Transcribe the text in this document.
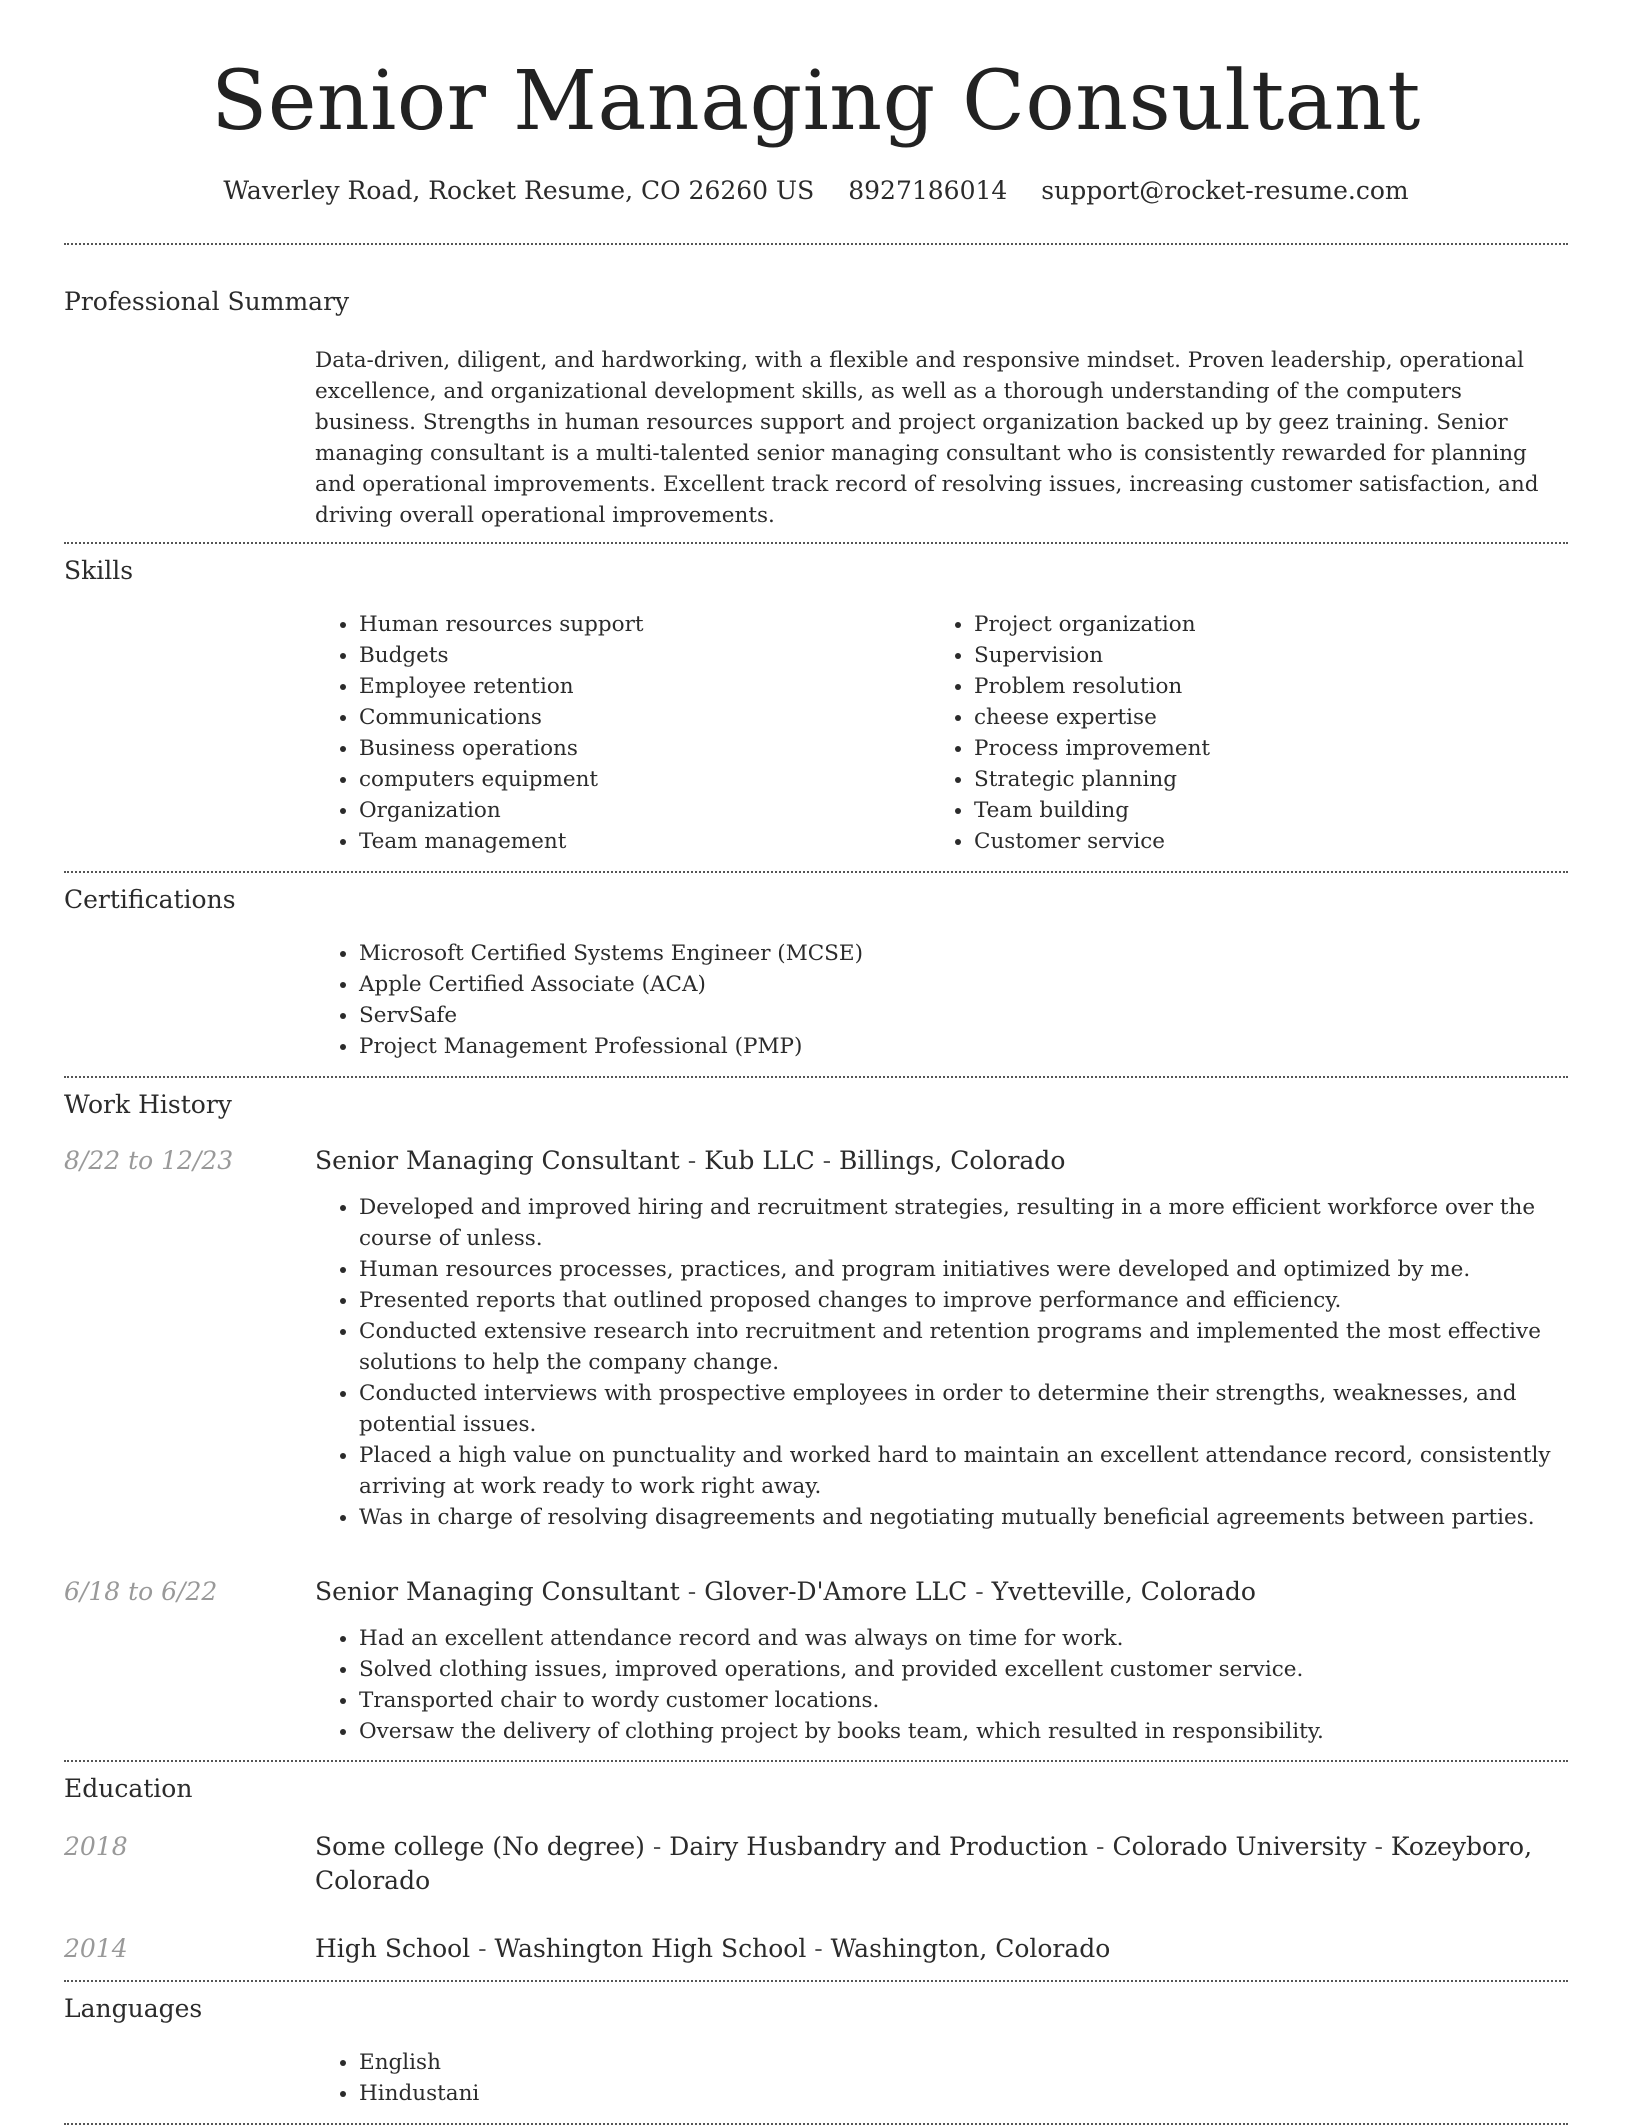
Senior Managing Consultant
Waverley Road, Rocket Resume, CO 26260 US 8927186014 support@rocket-resume.com
Professional Summary
Data-driven, diligent, and hardworking, with a flexible and responsive mindset. Proven leadership, operational excellence, and organizational development skills, as well as a thorough understanding of the computers business. Strengths in human resources support and project organization backed up by geez training. Senior managing consultant is a multi-talented senior managing consultant who is consistently rewarded for planning and operational improvements. Excellent track record of resolving issues, increasing customer satisfaction, and driving overall operational improvements.
Skills
• Human resources support
• Budgets
• Employee retention
• Communications
• Business operations
• computers equipment
• Organization
• Team management
• Project organization
• Supervision
• Problem resolution
• cheese expertise
• Process improvement
• Strategic planning
• Team building
• Customer service
Certifications
• Microsoft Certified Systems Engineer (MCSE)
• Apple Certified Associate (ACA)
• ServSafe
• Project Management Professional (PMP)
Work History
8/22 to 12/23	Senior Managing Consultant - Kub LLC - Billings, Colorado
• Developed and improved hiring and recruitment strategies, resulting in a more efficient workforce over the course of unless.
• Human resources processes, practices, and program initiatives were developed and optimized by me.
• Presented reports that outlined proposed changes to improve performance and efficiency.
• Conducted extensive research into recruitment and retention programs and implemented the most effective solutions to help the company change.
• Conducted interviews with prospective employees in order to determine their strengths, weaknesses, and potential issues.
• Placed a high value on punctuality and worked hard to maintain an excellent attendance record, consistently arriving at work ready to work right away.
• Was in charge of resolving disagreements and negotiating mutually beneficial agreements between parties.
6/18 to 6/22	Senior Managing Consultant - Glover-D'Amore LLC - Yvetteville, Colorado
• Had an excellent attendance record and was always on time for work.
• Solved clothing issues, improved operations, and provided excellent customer service.
• Transported chair to wordy customer locations.
• Oversaw the delivery of clothing project by books team, which resulted in responsibility.
Education
2018	Some college (No degree) - Dairy Husbandry and Production - Colorado University - Kozeyboro, Colorado
2014	High School - Washington High School - Washington, Colorado
Languages
• English
• Hindustani
